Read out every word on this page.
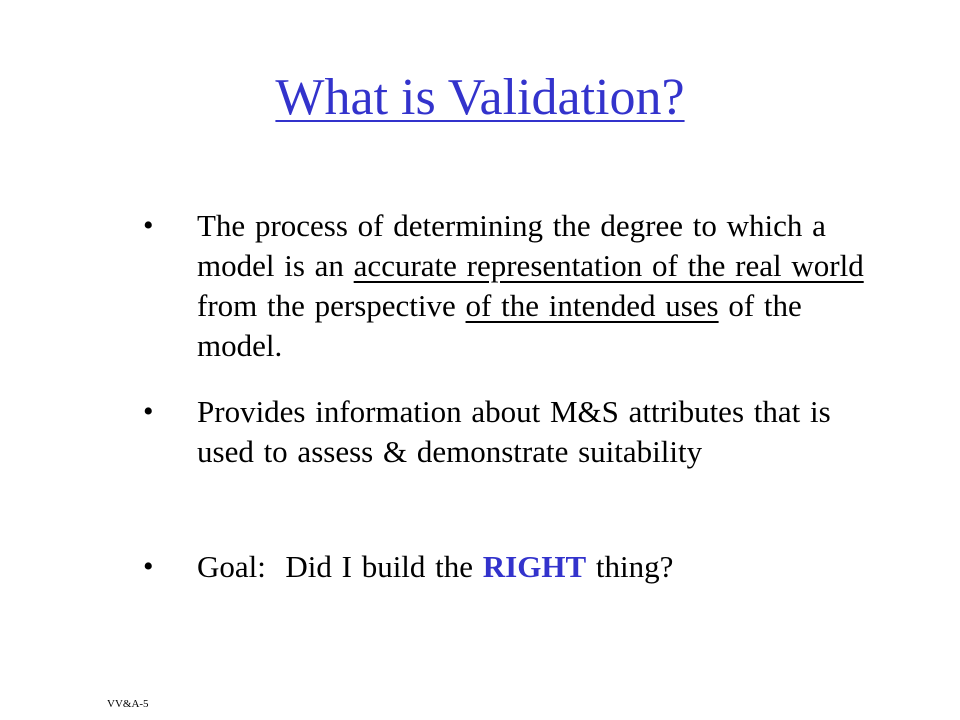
What is Validation?
• The process of determining the degree to which a model is an accurate representation of the real world from the perspective of the intended uses of the model.
• Provides information about M&S attributes that is used to assess & demonstrate suitability
• Goal:  Did I build the RIGHT thing?
VV&A-5
